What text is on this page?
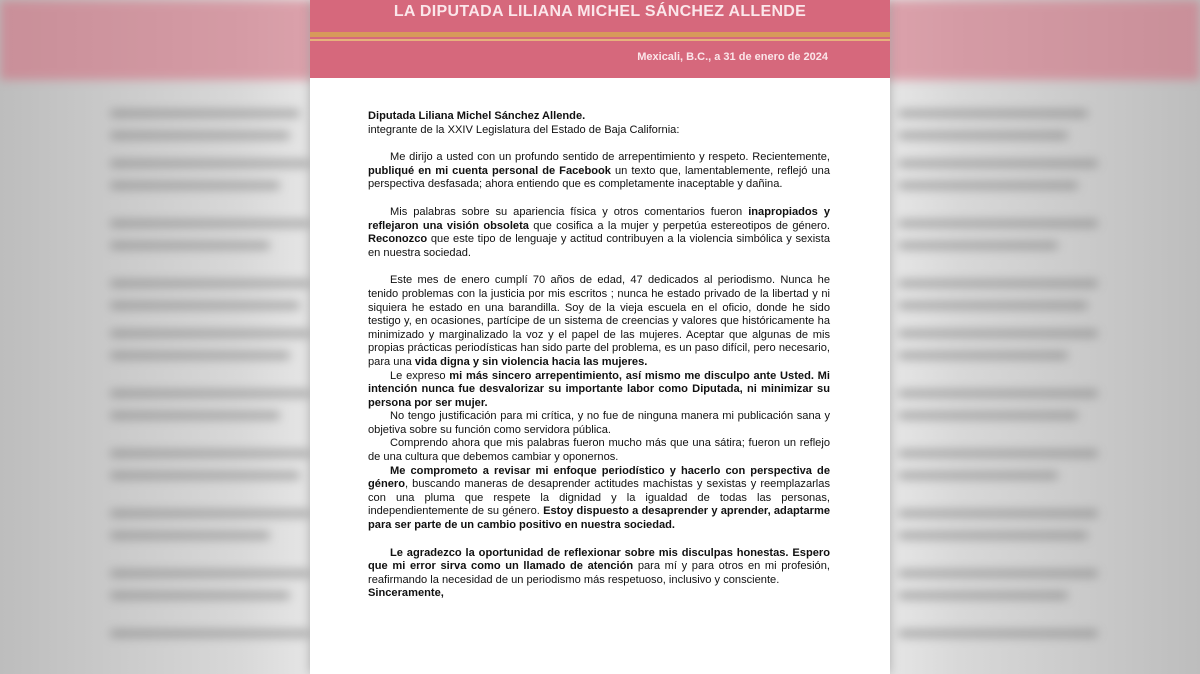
LA DIPUTADA LILIANA MICHEL SÁNCHEZ ALLENDE
Mexicali, B.C., a 31 de enero de 2024

Diputada Liliana Michel Sánchez Allende.

integrante de la XXIV Legislatura del Estado de Baja California:

Me dirijo a usted con un profundo sentido de arrepentimiento y respeto. Recientemente, publiqué en mi cuenta personal de Facebook un texto que, lamentablemente, reflejó una perspectiva desfasada; ahora entiendo que es completamente inaceptable y dañina.

Mis palabras sobre su apariencia física y otros comentarios fueron inapropiados y reflejaron una visión obsoleta que cosifica a la mujer y perpetúa estereotipos de género. Reconozco que este tipo de lenguaje y actitud contribuyen a la violencia simbólica y sexista en nuestra sociedad.

Este mes de enero cumplí 70 años de edad, 47 dedicados al periodismo. Nunca he tenido problemas con la justicia por mis escritos ; nunca he estado privado de la libertad y ni siquiera he estado en una barandilla. Soy de la vieja escuela en el oficio, donde he sido testigo y, en ocasiones, partícipe de un sistema de creencias y valores que históricamente ha minimizado y marginalizado la voz y el papel de las mujeres. Aceptar que algunas de mis propias prácticas periodísticas han sido parte del problema, es un paso difícil, pero necesario, para una vida digna y sin violencia hacia las mujeres.

Le expreso mi más sincero arrepentimiento, así mismo me disculpo ante Usted. Mi intención nunca fue desvalorizar su importante labor como Diputada, ni minimizar su persona por ser mujer.

No tengo justificación para mi crítica, y no fue de ninguna manera mi publicación sana y objetiva sobre su función como servidora pública.

Comprendo ahora que mis palabras fueron mucho más que una sátira; fueron un reflejo de una cultura que debemos cambiar y oponernos.

Me comprometo a revisar mi enfoque periodístico y hacerlo con perspectiva de género, buscando maneras de desaprender actitudes machistas y sexistas y reemplazarlas con una pluma que respete la dignidad y la igualdad de todas las personas, independientemente de su género. Estoy dispuesto a desaprender y aprender, adaptarme para ser parte de un cambio positivo en nuestra sociedad.

Le agradezco la oportunidad de reflexionar sobre mis disculpas honestas. Espero que mi error sirva como un llamado de atención para mí y para otros en mi profesión, reafirmando la necesidad de un periodismo más respetuoso, inclusivo y consciente.

Sinceramente,
